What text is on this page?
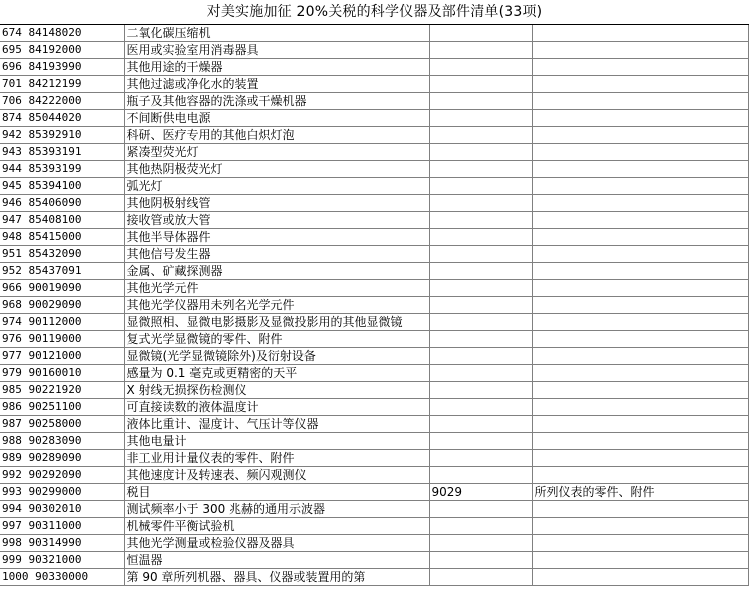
对美实施加征 20%关税的科学仪器及部件清单(33项)
674 84148020	二氧化碳压缩机		
695 84192000	医用或实验室用消毒器具		
696 84193990	其他用途的干燥器		
701 84212199	其他过滤或净化水的装置		
706 84222000	瓶子及其他容器的洗涤或干燥机器		
874 85044020	不间断供电电源		
942 85392910	科研、医疗专用的其他白炽灯泡		
943 85393191	紧凑型荧光灯		
944 85393199	其他热阴极荧光灯		
945 85394100	弧光灯		
946 85406090	其他阴极射线管		
947 85408100	接收管或放大管		
948 85415000	其他半导体器件		
951 85432090	其他信号发生器		
952 85437091	金属、矿藏探测器		
966 90019090	其他光学元件		
968 90029090	其他光学仪器用未列名光学元件		
974 90112000	显微照相、显微电影摄影及显微投影用的其他显微镜		
976 90119000	复式光学显微镜的零件、附件		
977 90121000	显微镜(光学显微镜除外)及衍射设备		
979 90160010	感量为 0.1 毫克或更精密的天平		
985 90221920	X 射线无损探伤检测仪		
986 90251100	可直接读数的液体温度计		
987 90258000	液体比重计、湿度计、气压计等仪器		
988 90283090	其他电量计		
989 90289090	非工业用计量仪表的零件、附件		
992 90292090	其他速度计及转速表、频闪观测仪		
993 90299000	税目	9029	所列仪表的零件、附件
994 90302010	测试频率小于 300 兆赫的通用示波器		
997 90311000	机械零件平衡试验机		
998 90314990	其他光学测量或检验仪器及器具		
999 90321000	恒温器		
1000 90330000	第 90 章所列机器、器具、仪器或装置用的第		
